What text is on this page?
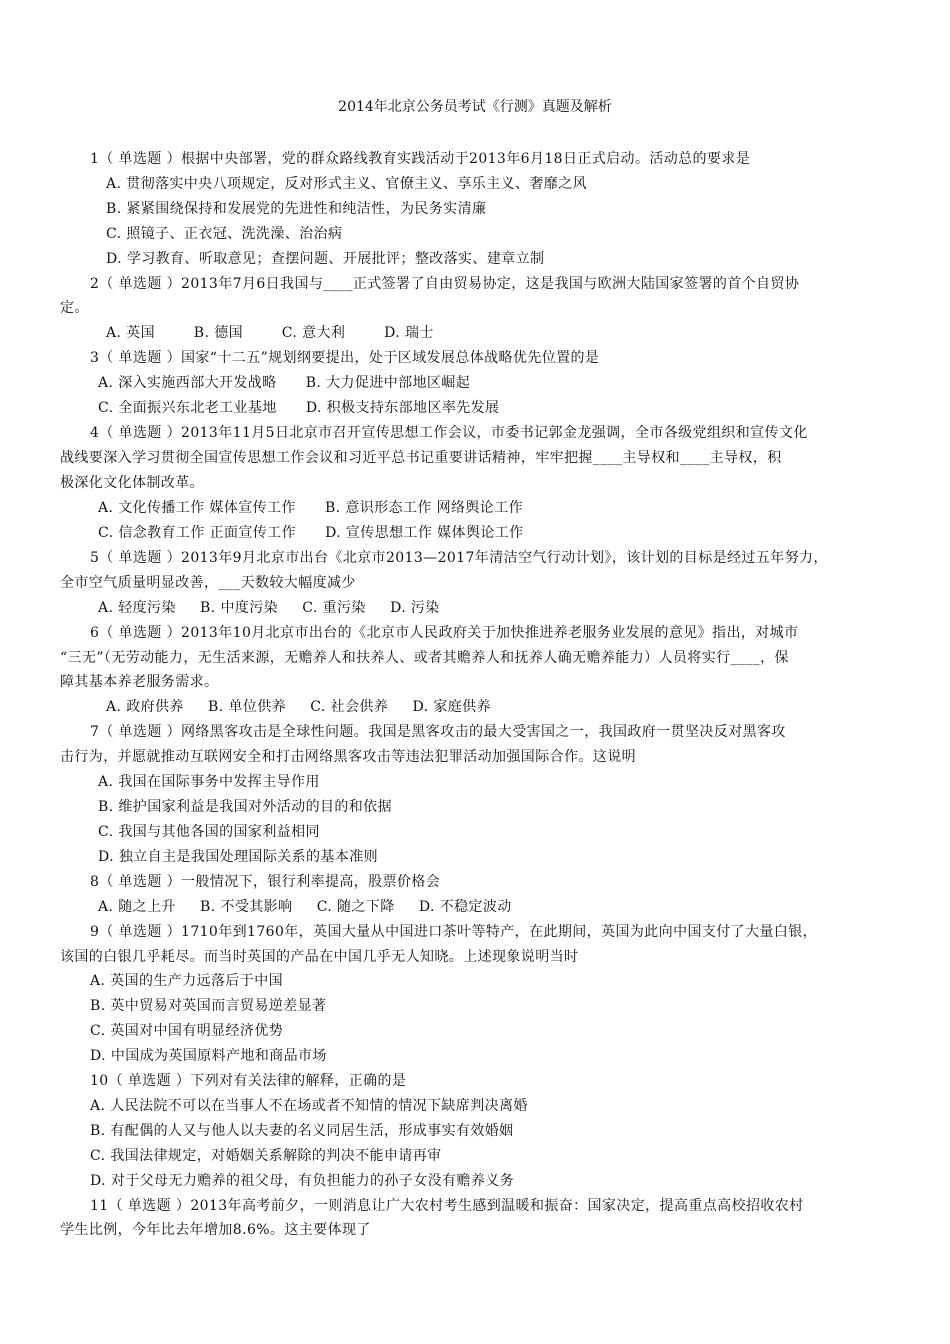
2014年北京公务员考试《行测》真题及解析
1（ 单选题 ）根据中央部署，党的群众路线教育实践活动于2013年6月18日正式启动。活动总的要求是
A. 贯彻落实中央八项规定，反对形式主义、官僚主义、享乐主义、奢靡之风
B. 紧紧围绕保持和发展党的先进性和纯洁性，为民务实清廉
C. 照镜子、正衣冠、洗洗澡、治治病
D. 学习教育、听取意见；查摆问题、开展批评；整改落实、建章立制
2（ 单选题 ）2013年7月6日我国与____正式签署了自由贸易协定，这是我国与欧洲大陆国家签署的首个自贸协
定。
A. 英国        B. 德国        C. 意大利        D. 瑞士
3（ 单选题 ）国家“十二五”规划纲要提出，处于区域发展总体战略优先位置的是
A. 深入实施西部大开发战略      B. 大力促进中部地区崛起
C. 全面振兴东北老工业基地      D. 积极支持东部地区率先发展
4（ 单选题 ）2013年11月5日北京市召开宣传思想工作会议，市委书记郭金龙强调，全市各级党组织和宣传文化
战线要深入学习贯彻全国宣传思想工作会议和习近平总书记重要讲话精神，牢牢把握____主导权和____主导权，积
极深化文化体制改革。
A. 文化传播工作 媒体宣传工作      B. 意识形态工作 网络舆论工作
C. 信念教育工作 正面宣传工作      D. 宣传思想工作 媒体舆论工作
5（ 单选题 ）2013年9月北京市出台《北京市2013—2017年清洁空气行动计划》，该计划的目标是经过五年努力，
全市空气质量明显改善，___天数较大幅度减少
A. 轻度污染     B. 中度污染     C. 重污染     D. 污染
6（ 单选题 ）2013年10月北京市出台的《北京市人民政府关于加快推进养老服务业发展的意见》指出，对城市
“三无”（无劳动能力，无生活来源，无赡养人和扶养人、或者其赡养人和抚养人确无赡养能力）人员将实行____，保
障其基本养老服务需求。
A. 政府供养     B. 单位供养     C. 社会供养     D. 家庭供养
7（ 单选题 ）网络黑客攻击是全球性问题。我国是黑客攻击的最大受害国之一，我国政府一贯坚决反对黑客攻
击行为，并愿就推动互联网安全和打击网络黑客攻击等违法犯罪活动加强国际合作。这说明
A. 我国在国际事务中发挥主导作用
B. 维护国家利益是我国对外活动的目的和依据
C. 我国与其他各国的国家利益相同
D. 独立自主是我国处理国际关系的基本准则
8（ 单选题 ）一般情况下，银行利率提高，股票价格会
A. 随之上升     B. 不受其影响     C. 随之下降     D. 不稳定波动
9（ 单选题 ）1710年到1760年，英国大量从中国进口茶叶等特产，在此期间，英国为此向中国支付了大量白银，
该国的白银几乎耗尽。而当时英国的产品在中国几乎无人知晓。上述现象说明当时
A. 英国的生产力远落后于中国
B. 英中贸易对英国而言贸易逆差显著
C. 英国对中国有明显经济优势
D. 中国成为英国原料产地和商品市场
10（ 单选题 ）下列对有关法律的解释，正确的是
A. 人民法院不可以在当事人不在场或者不知情的情况下缺席判决离婚
B. 有配偶的人又与他人以夫妻的名义同居生活，形成事实有效婚姻
C. 我国法律规定，对婚姻关系解除的判决不能申请再审
D. 对于父母无力赡养的祖父母，有负担能力的孙子女没有赡养义务
11（ 单选题 ）2013年高考前夕，一则消息让广大农村考生感到温暖和振奋：国家决定，提高重点高校招收农村
学生比例，今年比去年增加8.6%。这主要体现了
